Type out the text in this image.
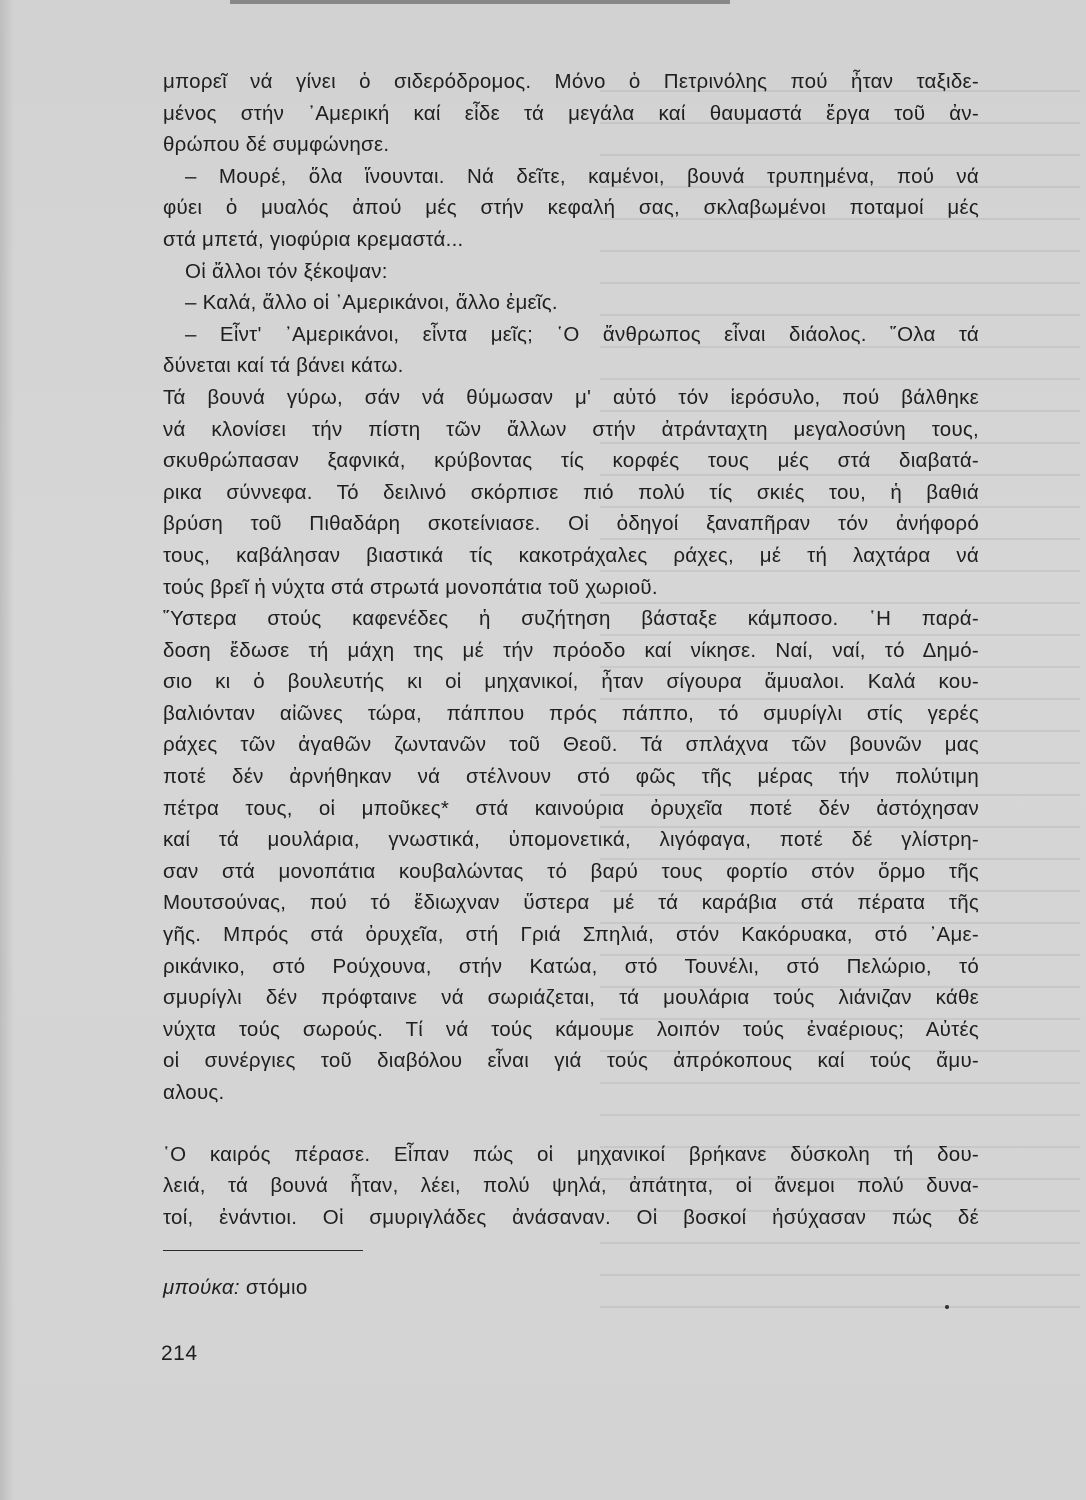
μπορεῖ νά γίνει ὁ σιδερόδρομος. Μόνο ὁ Πετρινόλης πού ἦταν ταξιδε-
μένος στήν ᾿Αμερική καί εἶδε τά μεγάλα καί θαυμαστά ἔργα τοῦ ἀν-
θρώπου δέ συμφώνησε.
– Μουρέ, ὅλα ἵνουνται. Νά δεῖτε, καμένοι, βουνά τρυπημένα, πού νά
φύει ὁ μυαλός ἀπού μές στήν κεφαλή σας, σκλαβωμένοι ποταμοί μές
στά μπετά, γιοφύρια κρεμαστά...
Οἱ ἄλλοι τόν ξέκοψαν:
– Καλά, ἄλλο οἱ ᾿Αμερικάνοι, ἄλλο ἐμεῖς.
– Εἶντ' ᾿Αμερικάνοι, εἶντα μεῖς; ῾Ο ἄνθρωπος εἶναι διάολος. ῞Ολα τά
δύνεται καί τά βάνει κάτω.
Τά βουνά γύρω, σάν νά θύμωσαν μ' αὐτό τόν ἱερόσυλο, πού βάλθηκε
νά κλονίσει τήν πίστη τῶν ἄλλων στήν ἀτράνταχτη μεγαλοσύνη τους,
σκυθρώπασαν ξαφνικά, κρύβοντας τίς κορφές τους μές στά διαβατά-
ρικα σύννεφα. Τό δειλινό σκόρπισε πιό πολύ τίς σκιές του, ἡ βαθιά
βρύση τοῦ Πιθαδάρη σκοτείνιασε. Οἱ ὁδηγοί ξαναπῆραν τόν ἀνήφορό
τους, καβάλησαν βιαστικά τίς κακοτράχαλες ράχες, μέ τή λαχτάρα νά
τούς βρεῖ ἡ νύχτα στά στρωτά μονοπάτια τοῦ χωριοῦ.
῞Υστερα στούς καφενέδες ἡ συζήτηση βάσταξε κάμποσο. ῾Η παρά-
δοση ἔδωσε τή μάχη της μέ τήν πρόοδο καί νίκησε. Ναί, ναί, τό Δημό-
σιο κι ὁ βουλευτής κι οἱ μηχανικοί, ἦταν σίγουρα ἄμυαλοι. Καλά κου-
βαλιόνταν αἰῶνες τώρα, πάππου πρός πάππο, τό σμυρίγλι στίς γερές
ράχες τῶν ἀγαθῶν ζωντανῶν τοῦ Θεοῦ. Τά σπλάχνα τῶν βουνῶν μας
ποτέ δέν ἀρνήθηκαν νά στέλνουν στό φῶς τῆς μέρας τήν πολύτιμη
πέτρα τους, οἱ μποῦκες* στά καινούρια ὀρυχεῖα ποτέ δέν ἀστόχησαν
καί τά μουλάρια, γνωστικά, ὑπομονετικά, λιγόφαγα, ποτέ δέ γλίστρη-
σαν στά μονοπάτια κουβαλώντας τό βαρύ τους φορτίο στόν ὅρμο τῆς
Μουτσούνας, πού τό ἔδιωχναν ὕστερα μέ τά καράβια στά πέρατα τῆς
γῆς. Μπρός στά ὀρυχεῖα, στή Γριά Σπηλιά, στόν Κακόρυακα, στό ᾿Αμε-
ρικάνικο, στό Ρούχουνα, στήν Κατώα, στό Τουνέλι, στό Πελώριο, τό
σμυρίγλι δέν πρόφταινε νά σωριάζεται, τά μουλάρια τούς λιάνιζαν κάθε
νύχτα τούς σωρούς. Τί νά τούς κάμουμε λοιπόν τούς ἐναέριους; Αὐτές
οἱ συνέργιες τοῦ διαβόλου εἶναι γιά τούς ἀπρόκοπους καί τούς ἄμυ-
αλους.
῾Ο καιρός πέρασε. Εἶπαν πώς οἱ μηχανικοί βρήκανε δύσκολη τή δου-
λειά, τά βουνά ἦταν, λέει, πολύ ψηλά, ἀπάτητα, οἱ ἄνεμοι πολύ δυνα-
τοί, ἐνάντιοι. Οἱ σμυριγλάδες ἀνάσαναν. Οἱ βοσκοί ἡσύχασαν πώς δέ
μπούκα: στόμιο
214
